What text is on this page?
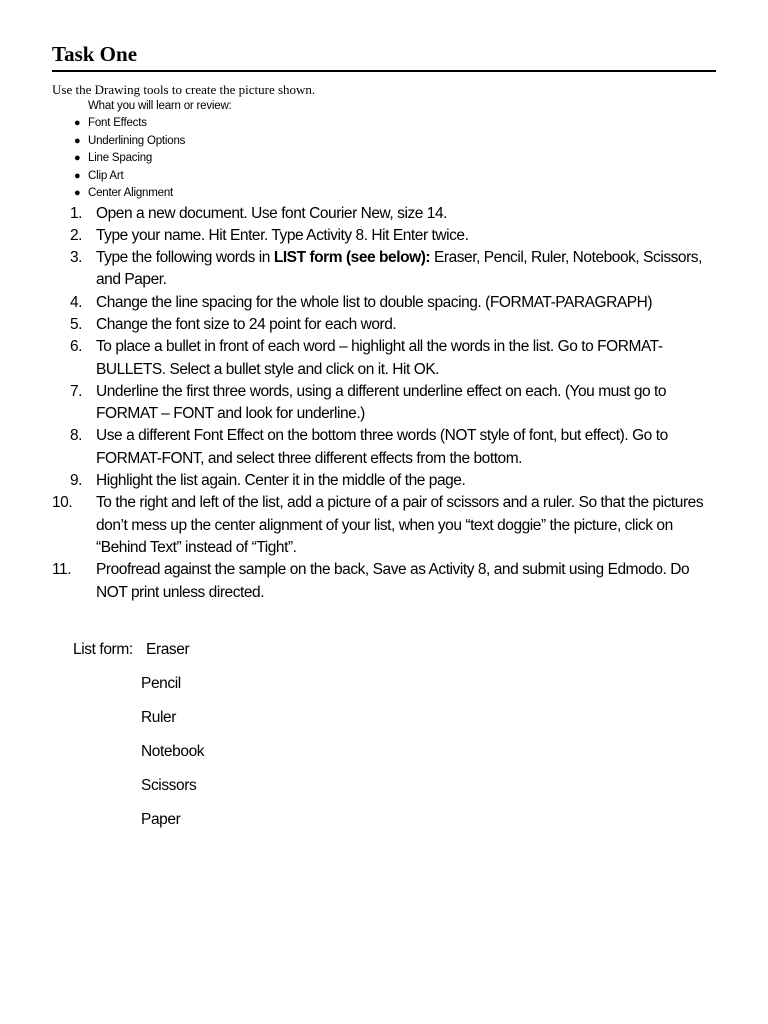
Task One
Use the Drawing tools to create the picture shown.
What you will learn or review:
● Font Effects
● Underlining Options
● Line Spacing
● Clip Art
● Center Alignment
1. Open a new document. Use font Courier New, size 14.
2. Type your name. Hit Enter. Type Activity 8. Hit Enter twice.
3. Type the following words in LIST form (see below): Eraser, Pencil, Ruler, Notebook, Scissors, and Paper.
4. Change the line spacing for the whole list to double spacing. (FORMAT-PARAGRAPH)
5. Change the font size to 24 point for each word.
6. To place a bullet in front of each word – highlight all the words in the list. Go to FORMAT-BULLETS. Select a bullet style and click on it. Hit OK.
7. Underline the first three words, using a different underline effect on each. (You must go to FORMAT – FONT and look for underline.)
8. Use a different Font Effect on the bottom three words (NOT style of font, but effect). Go to FORMAT-FONT, and select three different effects from the bottom.
9. Highlight the list again. Center it in the middle of the page.
10. To the right and left of the list, add a picture of a pair of scissors and a ruler. So that the pictures don’t mess up the center alignment of your list, when you “text doggie” the picture, click on “Behind Text” instead of “Tight”.
11. Proofread against the sample on the back, Save as Activity 8, and submit using Edmodo. Do NOT print unless directed.
List form: Eraser
Pencil
Ruler
Notebook
Scissors
Paper
